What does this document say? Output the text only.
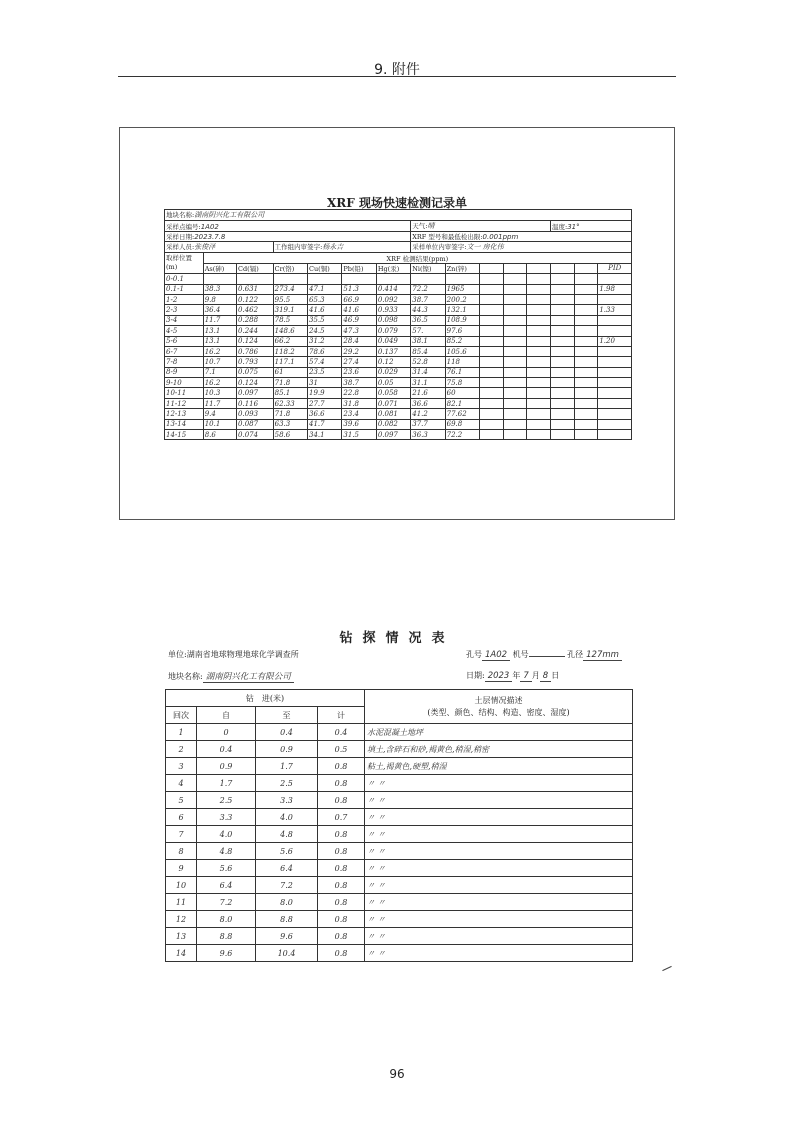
9. 附件
XRF 现场快速检测记录单
地块名称:湖南阴兴化工有限公司														
采样点编号:1A02							天气:晴					温度:31°		
采样日期:2023.7.8							XRF 型号和最低检出限:0.001ppm							
采样人员:张俊泽			工作组内审签字:杨永吉				采样单位内审签字:文一 房化伟							
取样位置(m)	XRF 检测结果(ppm)													
	As(砷)	Cd(镉)	Cr(铬)	Cu(铜)	Pb(铅)	Hg(汞)	Ni(镍)	Zn(锌)						PID
0-0.1														
0.1-1	38.3	0.631	273.4	47.1	51.3	0.414	72.2	1965						1.98
1-2	9.8	0.122	95.5	65.3	66.9	0.092	38.7	200.2						
2-3	36.4	0.462	319.1	41.6	41.6	0.933	44.3	132.1						1.33
3-4	11.7	0.288	78.5	35.5	46.9	0.098	36.5	108.9						
4-5	13.1	0.244	148.6	24.5	47.3	0.079	57.	97.6						
5-6	13.1	0.124	66.2	31.2	28.4	0.049	38.1	85.2						1.20
6-7	16.2	0.786	118.2	78.6	29.2	0.137	85.4	105.6						
7-8	10.7	0.793	117.1	57.4	27.4	0.12	52.8	118						
8-9	7.1	0.075	61	23.5	23.6	0.029	31.4	76.1						
9-10	16.2	0.124	71.8	31	38.7	0.05	31.1	75.8						
10-11	10.3	0.097	85.1	19.9	22.8	0.058	21.6	60						
11-12	11.7	0.116	62.33	27.7	31.8	0.071	36.6	82.1						
12-13	9.4	0.093	71.8	36.6	23.4	0.081	41.2	77.62						
13-14	10.1	0.087	63.3	41.7	39.6	0.082	37.7	69.8						
14-15	8.6	0.074	58.6	34.1	31.5	0.097	36.3	72.2						
钻探情况表
单位:湖南省地球物理地球化学调查所	孔号 1A02 机号	孔径 127mm
地块名称: 湖南阴兴化工有限公司	日期: 2023 年 7 月 8 日
钻　进(米)				土层情况描述
(类型、颜色、结构、构造、密度、湿度)
回次	自	至	计	
1	0	0.4	0.4	水泥混凝土地坪
2	0.4	0.9	0.5	填土,含碎石和砂,褐黄色,稍湿,稍密
3	0.9	1.7	0.8	粘土,褐黄色,硬塑,稍湿
4	1.7	2.5	0.8	〃 〃
5	2.5	3.3	0.8	〃 〃
6	3.3	4.0	0.7	〃 〃
7	4.0	4.8	0.8	〃 〃
8	4.8	5.6	0.8	〃 〃
9	5.6	6.4	0.8	〃 〃
10	6.4	7.2	0.8	〃 〃
11	7.2	8.0	0.8	〃 〃
12	8.0	8.8	0.8	〃 〃
13	8.8	9.6	0.8	〃 〃
14	9.6	10.4	0.8	〃 〃
96
